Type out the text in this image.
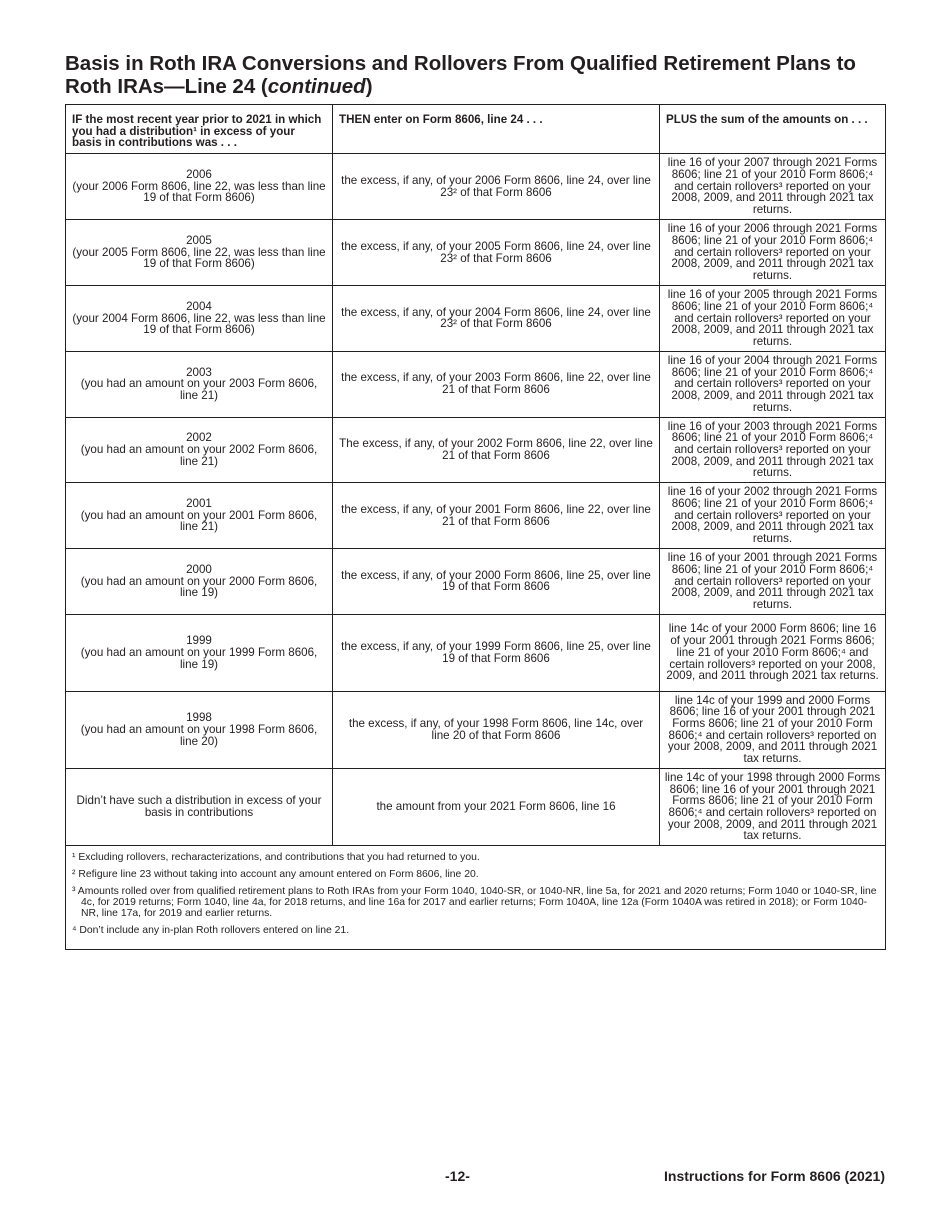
Basis in Roth IRA Conversions and Rollovers From Qualified Retirement Plans to Roth IRAs—Line 24 (continued)
IF the most recent year prior to 2021 in which you had a distribution¹ in excess of your basis in contributions was . . .	THEN enter on Form 8606, line 24 . . .	PLUS the sum of the amounts on . . .

2006
(your 2006 Form 8606, line 22, was less than line 19 of that Form 8606)	the excess, if any, of your 2006 Form 8606, line 24, over line 23² of that Form 8606	line 16 of your 2007 through 2021 Forms 8606; line 21 of your 2010 Form 8606;⁴ and certain rollovers³ reported on your 2008, 2009, and 2011 through 2021 tax returns.

2005
(your 2005 Form 8606, line 22, was less than line 19 of that Form 8606)	the excess, if any, of your 2005 Form 8606, line 24, over line 23² of that Form 8606	line 16 of your 2006 through 2021 Forms 8606; line 21 of your 2010 Form 8606;⁴ and certain rollovers³ reported on your 2008, 2009, and 2011 through 2021 tax returns.

2004
(your 2004 Form 8606, line 22, was less than line 19 of that Form 8606)	the excess, if any, of your 2004 Form 8606, line 24, over line 23² of that Form 8606	line 16 of your 2005 through 2021 Forms 8606; line 21 of your 2010 Form 8606;⁴ and certain rollovers³ reported on your 2008, 2009, and 2011 through 2021 tax returns.

2003
(you had an amount on your 2003 Form 8606, line 21)	the excess, if any, of your 2003 Form 8606, line 22, over line 21 of that Form 8606	line 16 of your 2004 through 2021 Forms 8606; line 21 of your 2010 Form 8606;⁴ and certain rollovers³ reported on your 2008, 2009, and 2011 through 2021 tax returns.

2002
(you had an amount on your 2002 Form 8606, line 21)	The excess, if any, of your 2002 Form 8606, line 22, over line 21 of that Form 8606	line 16 of your 2003 through 2021 Forms 8606; line 21 of your 2010 Form 8606;⁴ and certain rollovers³ reported on your 2008, 2009, and 2011 through 2021 tax returns.

2001
(you had an amount on your 2001 Form 8606, line 21)	the excess, if any, of your 2001 Form 8606, line 22, over line 21 of that Form 8606	line 16 of your 2002 through 2021 Forms 8606; line 21 of your 2010 Form 8606;⁴ and certain rollovers³ reported on your 2008, 2009, and 2011 through 2021 tax returns.

2000
(you had an amount on your 2000 Form 8606, line 19)	the excess, if any, of your 2000 Form 8606, line 25, over line 19 of that Form 8606	line 16 of your 2001 through 2021 Forms 8606; line 21 of your 2010 Form 8606;⁴ and certain rollovers³ reported on your 2008, 2009, and 2011 through 2021 tax returns.

1999
(you had an amount on your 1999 Form 8606, line 19)	the excess, if any, of your 1999 Form 8606, line 25, over line 19 of that Form 8606	line 14c of your 2000 Form 8606; line 16 of your 2001 through 2021 Forms 8606; line 21 of your 2010 Form 8606;⁴ and certain rollovers³ reported on your 2008, 2009, and 2011 through 2021 tax returns.

1998
(you had an amount on your 1998 Form 8606, line 20)	the excess, if any, of your 1998 Form 8606, line 14c, over line 20 of that Form 8606	line 14c of your 1999 and 2000 Forms 8606; line 16 of your 2001 through 2021 Forms 8606; line 21 of your 2010 Form 8606;⁴ and certain rollovers³ reported on your 2008, 2009, and 2011 through 2021 tax returns.

Didn’t have such a distribution in excess of your basis in contributions	the amount from your 2021 Form 8606, line 16	line 14c of your 1998 through 2000 Forms 8606; line 16 of your 2001 through 2021 Forms 8606; line 21 of your 2010 Form 8606;⁴ and certain rollovers³ reported on your 2008, 2009, and 2011 through 2021 tax returns.

¹ Excluding rollovers, recharacterizations, and contributions that you had returned to you.

² Refigure line 23 without taking into account any amount entered on Form 8606, line 20.

³ Amounts rolled over from qualified retirement plans to Roth IRAs from your Form 1040, 1040-SR, or 1040-NR, line 5a, for 2021 and 2020 returns; Form 1040 or 1040-SR, line 4c, for 2019 returns; Form 1040, line 4a, for 2018 returns, and line 16a for 2017 and earlier returns; Form 1040A, line 12a (Form 1040A was retired in 2018); or Form 1040-NR, line 17a, for 2019 and earlier returns.

⁴ Don’t include any in-plan Roth rollovers entered on line 21.		

-12-	Instructions for Form 8606 (2021)
